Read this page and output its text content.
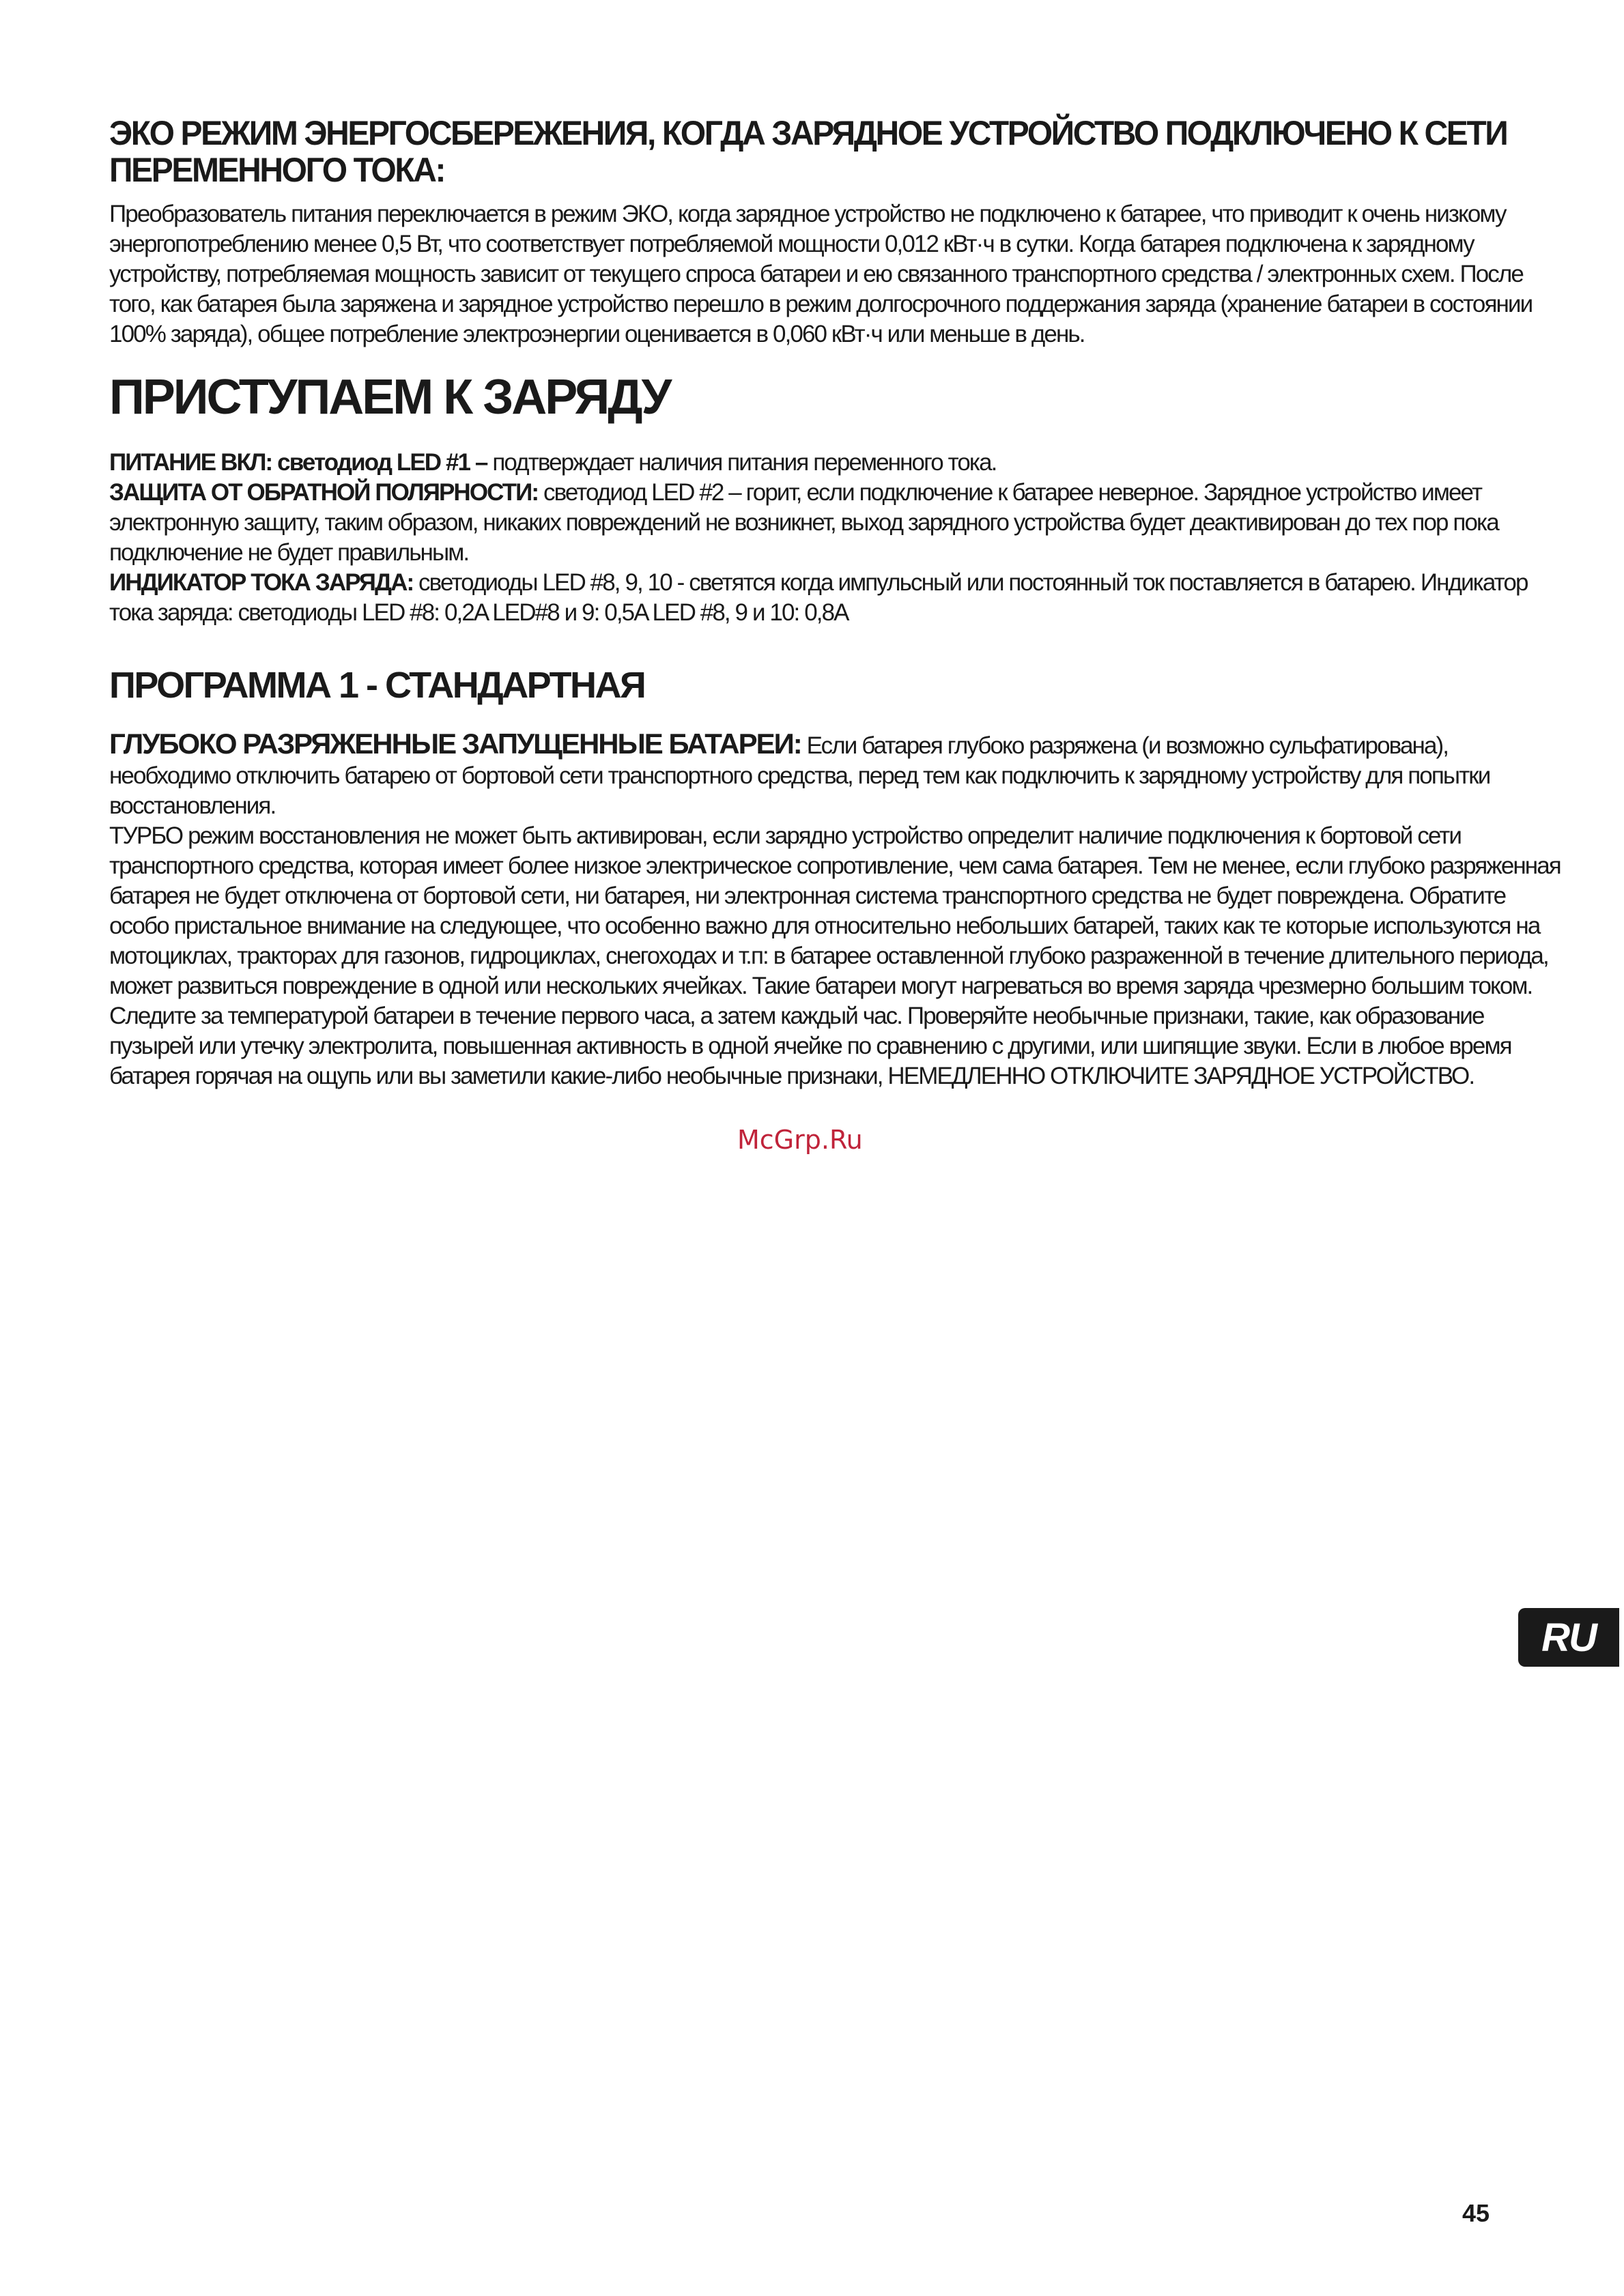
ЭКО РЕЖИМ ЭНЕРГОСБЕРЕЖЕНИЯ, КОГДА ЗАРЯДНОЕ УСТРОЙСТВО ПОДКЛЮЧЕНО К СЕТИ ПЕРЕМЕННОГО ТОКА:

Преобразователь питания переключается в режим ЭКО, когда зарядное устройство не подключено к батарее, что приводит к очень низкому энергопотреблению менее 0,5 Вт, что соответствует потребляемой мощности 0,012 кВт·ч в сутки. Когда батарея подключена к зарядному устройству, потребляемая мощность зависит от текущего спроса батареи и ею связанного транспортного средства / электронных схем. После того, как батарея была заряжена и зарядное устройство перешло в режим долгосрочного поддержания заряда (хранение батареи в состоянии 100% заряда), общее потребление электроэнергии оценивается в 0,060 кВт·ч или меньше в день.

ПРИСТУПАЕМ К ЗАРЯДУ

ПИТАНИЕ ВКЛ: светодиод LED #1 – подтверждает наличия питания переменного тока.

ЗАЩИТА ОТ ОБРАТНОЙ ПОЛЯРНОСТИ: светодиод LED #2 – горит, если подключение к батарее неверное. Зарядное устройство имеет электронную защиту, таким образом, никаких повреждений не возникнет, выход зарядного устройства будет деактивирован до тех пор пока подключение не будет правильным.

ИНДИКАТОР ТОКА ЗАРЯДА: светодиоды LED #8, 9, 10 - светятся когда импульсный или постоянный ток поставляется в батарею. Индикатор тока заряда: светодиоды LED #8: 0,2A LED#8 и 9: 0,5A LED #8, 9 и 10: 0,8A

ПРОГРАММА 1 - СТАНДАРТНАЯ

ГЛУБОКО РАЗРЯЖЕННЫЕ ЗАПУЩЕННЫЕ БАТАРЕИ: Если батарея глубоко разряжена (и возможно сульфатирована), необходимо отключить батарею от бортовой сети транспортного средства, перед тем как подключить к зарядному устройству для попытки восстановления.

ТУРБО режим восстановления не может быть активирован, если зарядно устройство определит наличие подключения к бортовой сети транспортного средства, которая имеет более низкое электрическое сопротивление, чем сама батарея. Тем не менее, если глубоко разряженная батарея не будет отключена от бортовой сети, ни батарея, ни электронная система транспортного средства не будет повреждена. Обратите особо пристальное внимание на следующее, что особенно важно для относительно небольших батарей, таких как те которые используются на мотоциклах, тракторах для газонов, гидроциклах, снегоходах и т.п: в батарее оставленной глубоко разраженной в течение длительного периода, может развиться повреждение в одной или нескольких ячейках. Такие батареи могут нагреваться во время заряда чрезмерно большим током. Следите за температурой батареи в течение первого часа, а затем каждый час. Проверяйте необычные признаки, такие, как образование пузырей или утечку электролита, повышенная активность в одной ячейке по сравнению с другими, или шипящие звуки. Если в любое время батарея горячая на ощупь или вы заметили какие-либо необычные признаки, НЕМЕДЛЕННО ОТКЛЮЧИТЕ ЗАРЯДНОЕ УСТРОЙСТВО.

McGrp.Ru
RU
45
